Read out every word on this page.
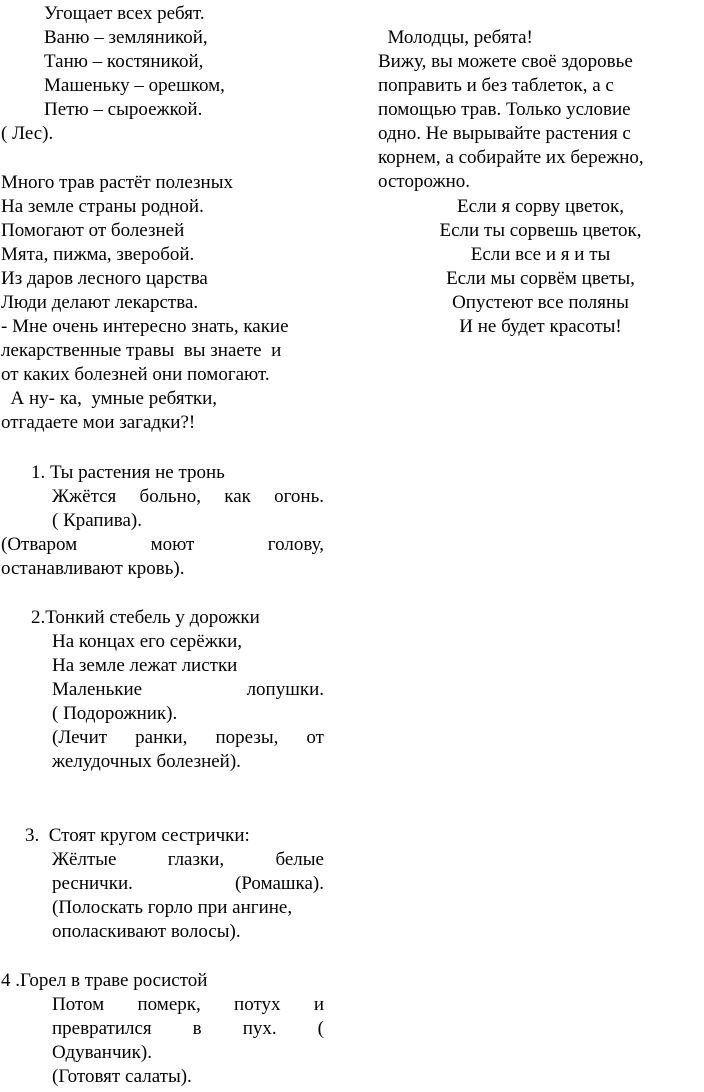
Угощает всех ребят.
Ваню – земляникой,
Таню – костяникой,
Машеньку – орешком,
Петю – сыроежкой.
( Лес).
Много трав растёт полезных
На земле страны родной.
Помогают от болезней
Мята, пижма, зверобой.
Из даров лесного царства
Люди делают лекарства.
- Мне очень интересно знать, какие
лекарственные травы  вы знаете  и
от каких болезней они помогают.
А ну- ка,  умные ребятки,
отгадаете мои загадки?!
1. Ты растения не тронь
Жжётся больно, как огонь.
( Крапива).
(Отваром	моют	голову,
останавливают кровь).
2.Тонкий стебель у дорожки
На концах его серёжки,
На земле лежат листки
Маленькие	лопушки.
( Подорожник).
(Лечит ранки, порезы, от
желудочных болезней).
3.  Стоят кругом сестрички:
Жёлтые	глазки,	белые
реснички.	(Ромашка).
(Полоскать горло при ангине,
ополаскивают волосы).
4 .Горел в траве росистой
Потом померк, потух и
превратился в пух. (
Одуванчик).
(Готовят салаты).
Молодцы, ребята!
Вижу, вы можете своё здоровье
поправить и без таблеток, а с
помощью трав. Только условие
одно. Не вырывайте растения с
корнем, а собирайте их бережно,
осторожно.
Если я сорву цветок,
Если ты сорвешь цветок,
Если все и я и ты
Если мы сорвём цветы,
Опустеют все поляны
И не будет красоты!
